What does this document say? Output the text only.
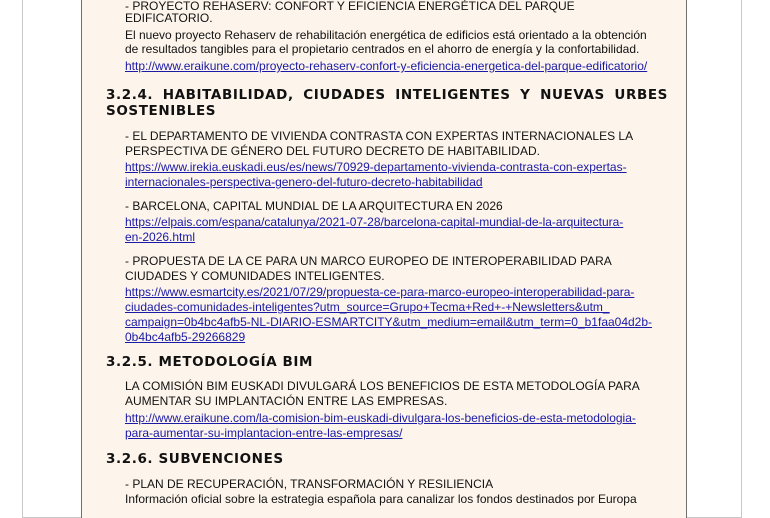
- PROYECTO REHASERV: CONFORT Y EFICIENCIA ENERGÉTICA DEL PARQUE
EDIFICATORIO.
El nuevo proyecto Rehaserv de rehabilitación energética de edificios está orientado a la obtención
de resultados tangibles para el propietario centrados en el ahorro de energía y la confortabilidad.
http://www.eraikune.com/proyecto-rehaserv-confort-y-eficiencia-energetica-del-parque-edificatorio/
3.2.4. HABITABILIDAD, CIUDADES INTELIGENTES Y NUEVAS URBES
SOSTENIBLES
- EL DEPARTAMENTO DE VIVIENDA CONTRASTA CON EXPERTAS INTERNACIONALES LA
PERSPECTIVA DE GÉNERO DEL FUTURO DECRETO DE HABITABILIDAD.
https://www.irekia.euskadi.eus/es/news/70929-departamento-vivienda-contrasta-con-expertas-
internacionales-perspectiva-genero-del-futuro-decreto-habitabilidad
- BARCELONA, CAPITAL MUNDIAL DE LA ARQUITECTURA EN 2026
https://elpais.com/espana/catalunya/2021-07-28/barcelona-capital-mundial-de-la-arquitectura-
en-2026.html
- PROPUESTA DE LA CE PARA UN MARCO EUROPEO DE INTEROPERABILIDAD PARA
CIUDADES Y COMUNIDADES INTELIGENTES.
https://www.esmartcity.es/2021/07/29/propuesta-ce-para-marco-europeo-interoperabilidad-para-
ciudades-comunidades-inteligentes?utm_source=Grupo+Tecma+Red+-+Newsletters&utm_
campaign=0b4bc4afb5-NL-DIARIO-ESMARTCITY&utm_medium=email&utm_term=0_b1faa04d2b-
0b4bc4afb5-29266829
3.2.5. METODOLOGÍA BIM
LA COMISIÓN BIM EUSKADI DIVULGARÁ LOS BENEFICIOS DE ESTA METODOLOGÍA PARA
AUMENTAR SU IMPLANTACIÓN ENTRE LAS EMPRESAS.
http://www.eraikune.com/la-comision-bim-euskadi-divulgara-los-beneficios-de-esta-metodologia-
para-aumentar-su-implantacion-entre-las-empresas/
3.2.6. SUBVENCIONES
- PLAN DE RECUPERACIÓN, TRANSFORMACIÓN Y RESILIENCIA
Información oficial sobre la estrategia española para canalizar los fondos destinados por Europa
